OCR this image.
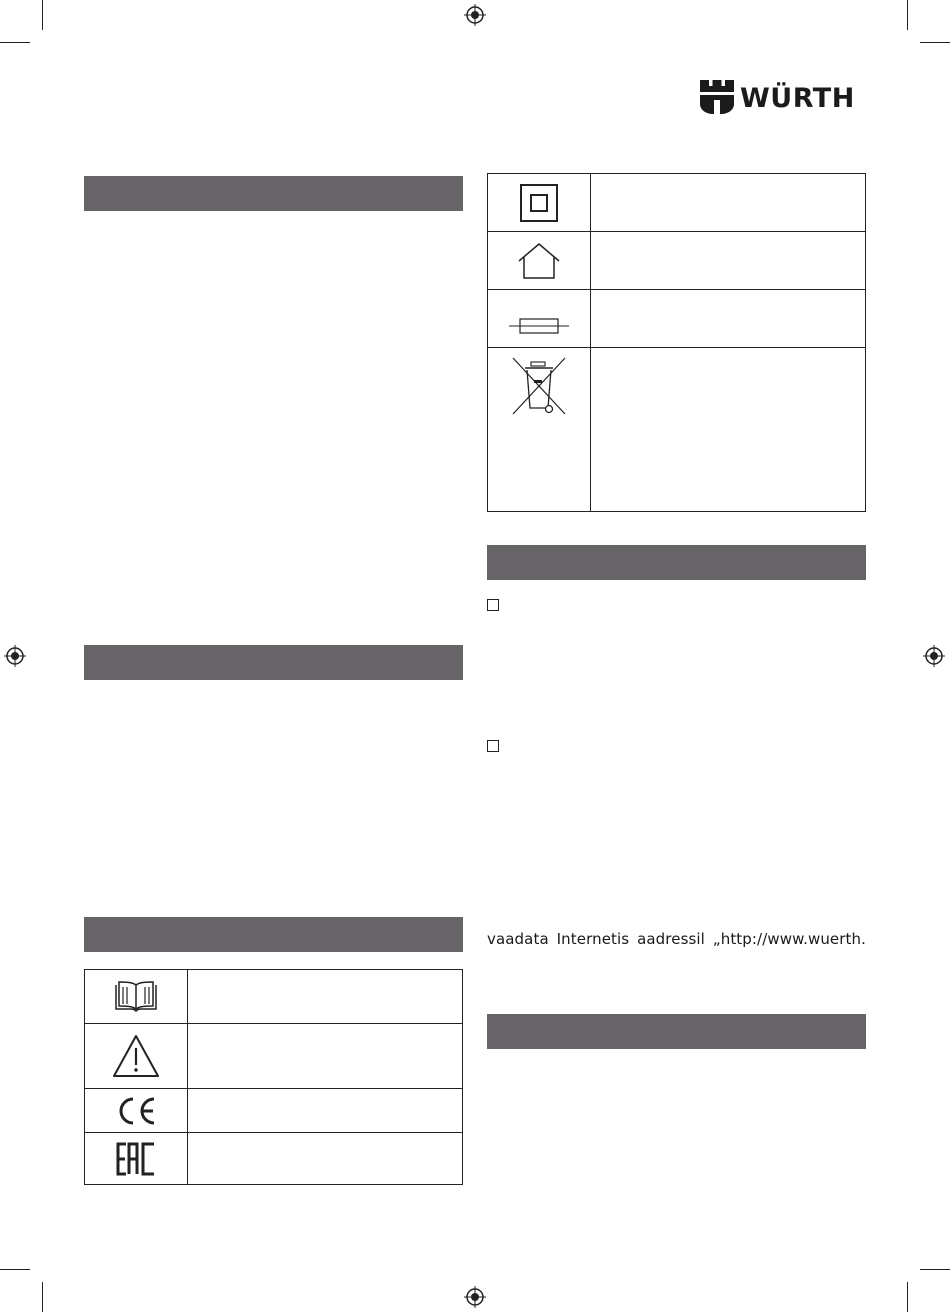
WÜRTH

vaadata Internetis aadressil „http://www.wuerth.
